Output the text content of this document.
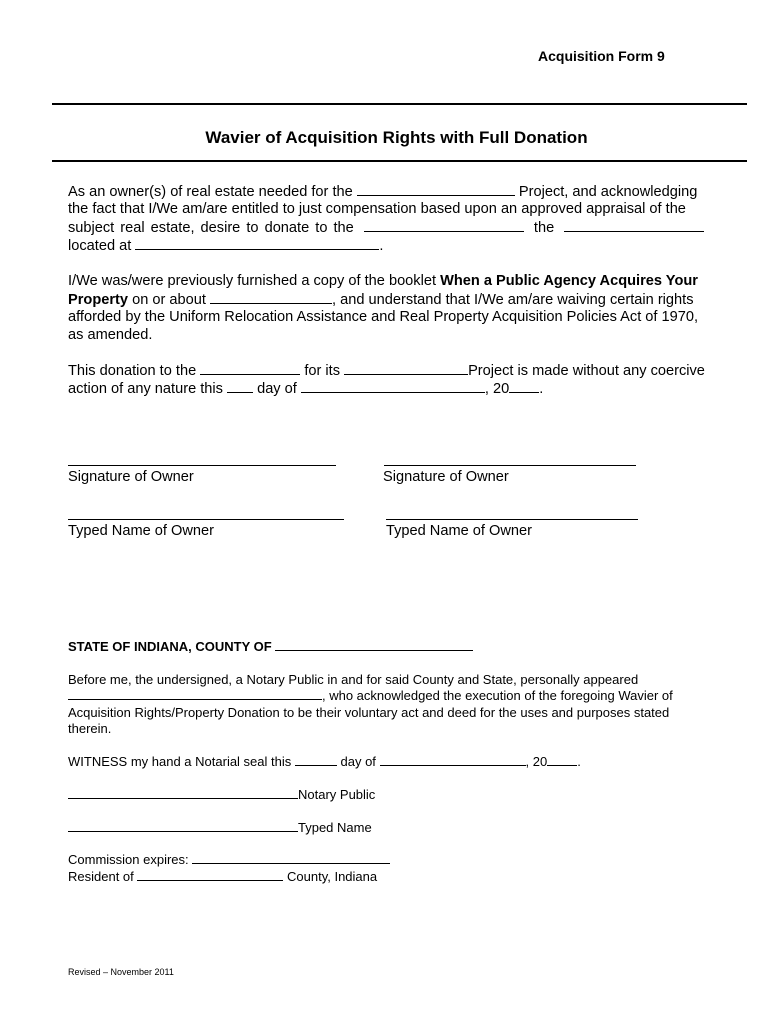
Acquisition Form 9
Wavier of Acquisition Rights with Full Donation
As an owner(s) of real estate needed for the	Project, and acknowledging
the fact that I/We am/are entitled to just compensation based upon an approved appraisal of the
subject real estate, desire to donate to the	the
located at	.
I/We was/were previously furnished a copy of the booklet When a Public Agency Acquires Your
Property on or about	, and understand that I/We am/are waiving certain rights
afforded by the Uniform Relocation Assistance and Real Property Acquisition Policies Act of 1970,
as amended.
This donation to the	for its	Project is made without any coercive
action of any nature this day of	, 20 .
Signature of Owner	Signature of Owner
Typed Name of Owner	Typed Name of Owner
STATE OF INDIANA, COUNTY OF
Before me, the undersigned, a Notary Public in and for said County and State, personally appeared
, who acknowledged the execution of the foregoing Wavier of
Acquisition Rights/Property Donation to be their voluntary act and deed for the uses and purposes stated
therein.
WITNESS my hand a Notarial seal this	day of	, 20 .
Notary Public
Typed Name
Commission expires:
Resident of	County, Indiana
Revised – November 2011
